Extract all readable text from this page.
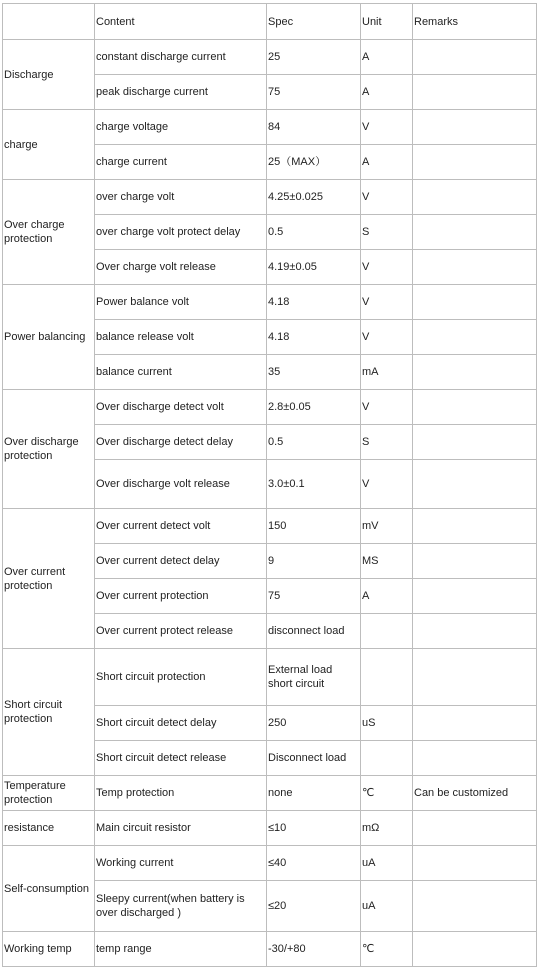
	Content	Spec	Unit	Remarks
Discharge	constant discharge current	25	A	
	peak discharge current	75	A	
charge	charge voltage	84	V	
	charge current	25（MAX）	A	
Over charge protection	over charge volt	4.25±0.025	V	
	over charge volt protect delay	0.5	S	
	Over charge volt release	4.19±0.05	V	
Power balancing	Power balance volt	4.18	V	
	balance release volt	4.18	V	
	balance current	35	mA	
Over discharge protection	Over discharge detect volt	2.8±0.05	V	
	Over discharge detect delay	0.5	S	
	Over discharge volt release	3.0±0.1	V	
Over current protection	Over current detect volt	150	mV	
	Over current detect delay	9	MS	
	Over current protection	75	A	
	Over current protect release	disconnect load		
Short circuit protection	Short circuit protection	External load short circuit		
	Short circuit detect delay	250	uS	
	Short circuit detect release	Disconnect load		
Temperature protection	Temp protection	none	℃	Can be customized
resistance	Main circuit resistor	≤10	mΩ	
Self-consumption	Working current	≤40	uA	
	Sleepy current(when battery is over discharged )	≤20	uA	
Working temp	temp range	-30/+80	℃	
